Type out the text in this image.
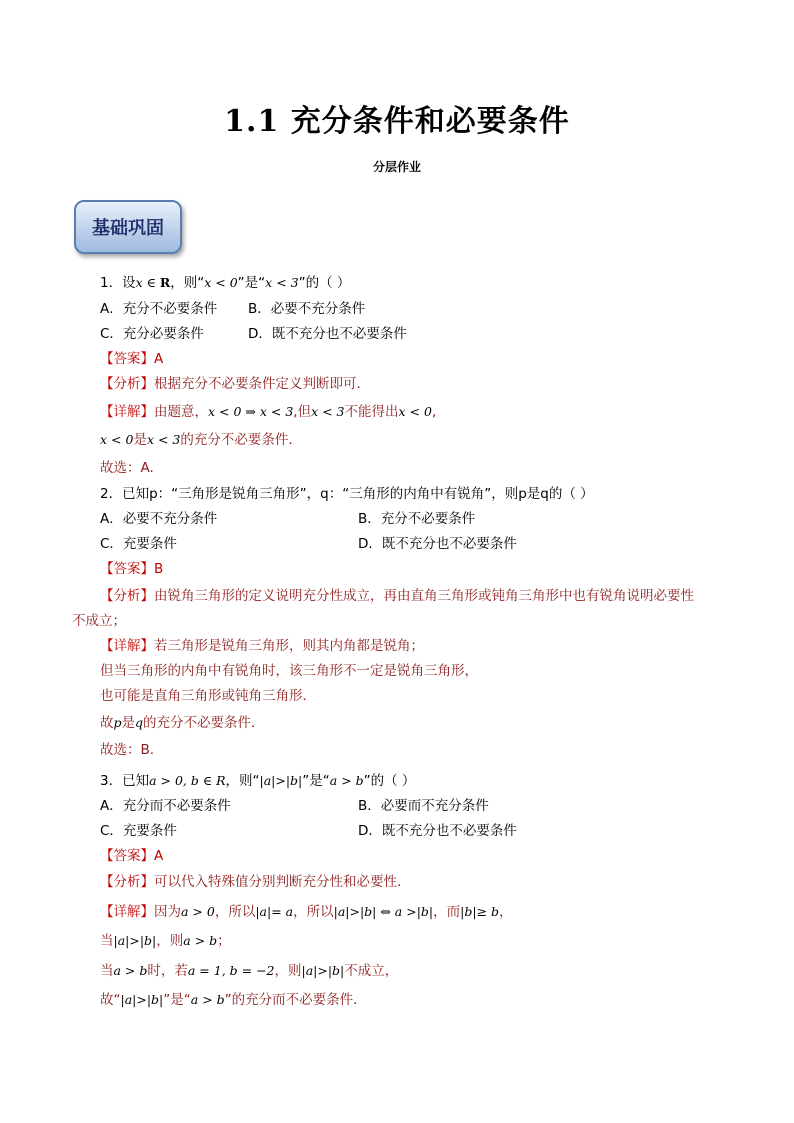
1.1 充分条件和必要条件
分层作业
基础巩固
1．设x ∈ R，则“x < 0”是“x < 3”的（ ）
A．充分不必要条件 B．必要不充分条件
C．充分必要条件	D．既不充分也不必要条件
【答案】A
【分析】根据充分不必要条件定义判断即可.
【详解】由题意，x < 0 ⇒ x < 3,但x < 3不能得出x < 0,
x < 0是x < 3的充分不必要条件.
故选：A.
2．已知p：“三角形是锐角三角形”，q：“三角形的内角中有锐角”，则p是q的（ ）
A．必要不充分条件	B．充分不必要条件
C．充要条件	D．既不充分也不必要条件
【答案】B
【分析】由锐角三角形的定义说明充分性成立，再由直角三角形或钝角三角形中也有锐角说明必要性
不成立；
【详解】若三角形是锐角三角形，则其内角都是锐角；
但当三角形的内角中有锐角时，该三角形不一定是锐角三角形，
也可能是直角三角形或钝角三角形．
故p是q的充分不必要条件．
故选：B.
3．已知a > 0, b ∈ R，则“|a|>|b|”是“a > b”的（ ）
A．充分而不必要条件	B．必要而不充分条件
C．充要条件	D．既不充分也不必要条件
【答案】A
【分析】可以代入特殊值分别判断充分性和必要性．
【详解】因为a > 0，所以|a|= a，所以|a|>|b| ⇔ a >|b|，而|b|≥ b，
当|a|>|b|，则a > b；
当a > b时，若a = 1, b = −2，则|a|>|b|不成立，
故“|a|>|b|”是“a > b”的充分而不必要条件．
